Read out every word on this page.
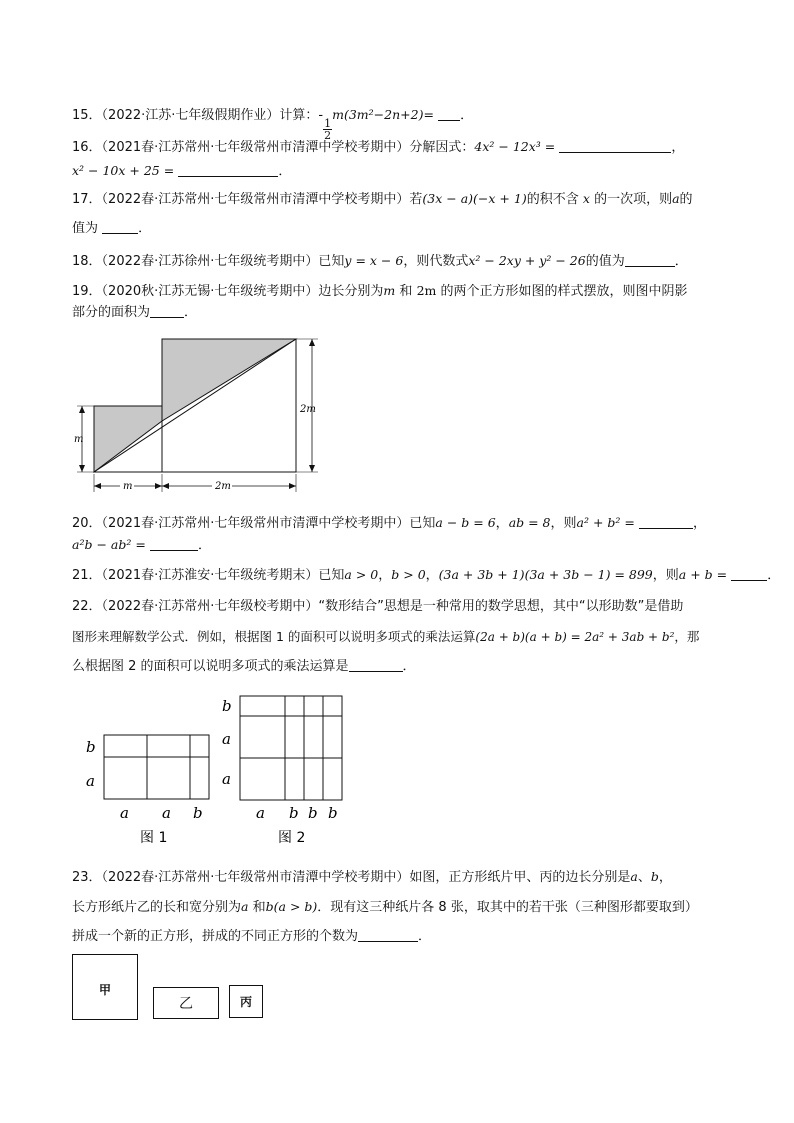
15．（2022·江苏·七年级假期作业）计算：-
$\frac{1}{2}$
m(3m²−2n+2)= ．
16．（2021春·江苏常州·七年级常州市清潭中学校考期中）分解因式：4x² − 12x³ =	，
x² − 10x + 25 =	．
17．（2022春·江苏常州·七年级常州市清潭中学校考期中）若(3x − a)(−x + 1)的积不含 x 的一次项，则a的
值为	．
18．（2022春·江苏徐州·七年级统考期中）已知y = x − 6，则代数式x² − 2xy + y² − 26的值为	．
19．（2020秋·江苏无锡·七年级统考期中）边长分别为m 和 2m 的两个正方形如图的样式摆放，则图中阴影
部分的面积为	．
m
2m
m	2m
20．（2021春·江苏常州·七年级常州市清潭中学校考期中）已知a − b = 6，ab = 8，则a² + b² =	，
a²b − ab² =	．
21．（2021春·江苏淮安·七年级统考期末）已知a > 0，b > 0，(3a + 3b + 1)(3a + 3b − 1) = 899，则a + b =	．
22．（2022春·江苏常州·七年级校考期中）“数形结合”思想是一种常用的数学思想，其中“以形助数”是借助
图形来理解数学公式．例如，根据图 1 的面积可以说明多项式的乘法运算(2a + b)(a + b) = 2a² + 3ab + b²，那
么根据图 2 的面积可以说明多项式的乘法运算是	．
b
a
a a b
图 1
b
a
a
a b b b
图 2
23．（2022春·江苏常州·七年级常州市清潭中学校考期中）如图，正方形纸片甲、丙的边长分别是a、b，
长方形纸片乙的长和宽分别为a 和b(a > b)．现有这三种纸片各 8 张，取其中的若干张（三种图形都要取到）
拼成一个新的正方形，拼成的不同正方形的个数为	．
甲
乙	丙
